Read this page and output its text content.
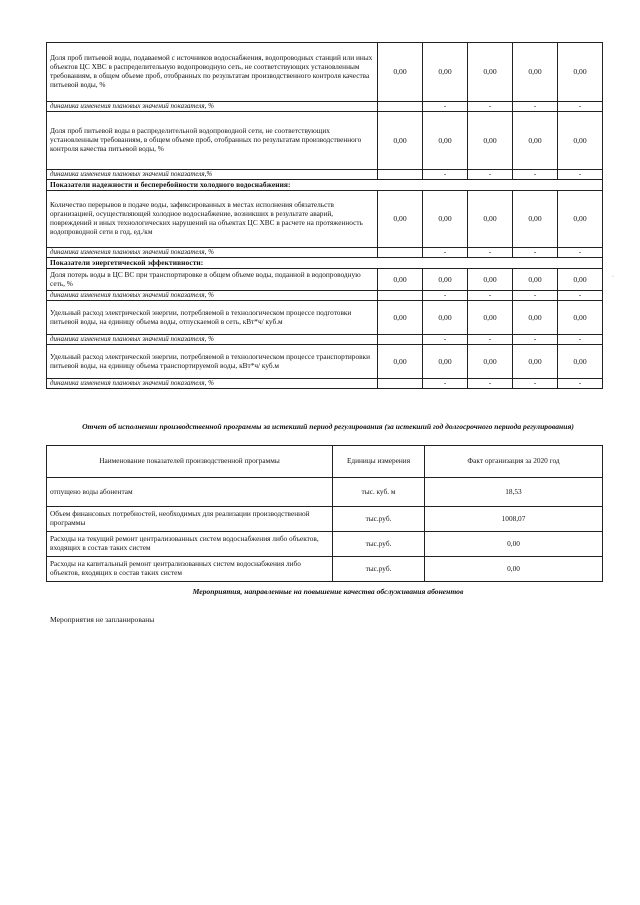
Доля проб питьевой воды, подаваемой с источников водоснабжения, водопроводных станций или иных объектов ЦС ХВС в распределительную водопроводную сеть, не соответствующих установленным требованиям, в общем объеме проб, отобранных по результатам производственного контроля качества питьевой воды, %	0,00	0,00	0,00	0,00	0,00
динамика изменения плановых значений показателя, %		-	-	-	-
Доля проб питьевой воды в распределительной водопроводной сети, не соответствующих установленным требованиям, в общем объеме проб, отобранных по результатам производственного контроля качества питьевой воды, %	0,00	0,00	0,00	0,00	0,00
динамика изменения плановых значений показателя,%		-	-	-	-
Показатели надежности и бесперебойности холодного водоснабжения:					
Количество перерывов в подаче воды, зафиксированных в местах исполнения обязательств организацией, осуществляющей холодное водоснабжение, возникших в результате аварий, повреждений и иных технологических нарушений на объектах ЦС ХВС в расчете на протяженность водопроводной сети в год, ед./км	0,00	0,00	0,00	0,00	0,00
динамика изменения плановых значений показателя, %		-	-	-	-
Показатели энергетической эффективности:					
Доля потерь воды в ЦС ВС при транспортировке в общем объеме воды, поданной в водопроводную сеть, %	0,00	0,00	0,00	0,00	0,00
динамика изменения плановых значений показателя, %		-	-	-	-
Удельный расход электрической энергии, потребляемой в технологическом процессе подготовки питьевой воды, на единицу объема воды, отпускаемой в сеть, кВт*ч/ куб.м	0,00	0,00	0,00	0,00	0,00
динамика изменения плановых значений показателя, %		-	-	-	-
Удельный расход электрической энергии, потребляемой в технологическом процессе транспортировки питьевой воды, на единицу объема транспортируемой воды, кВт*ч/ куб.м	0,00	0,00	0,00	0,00	0,00
динамика изменения плановых значений показателя, %		-	-	-	-

Отчет об исполнении производственной программы за истекший период регулирования (за истекший год долгосрочного периода регулирования)

Наименование показателей производственной программы	Единицы измерения	Факт организация за 2020 год
отпущено воды абонентам	тыс. куб. м	18,53
Объем финансовых потребностей, необходимых для реализации производственной программы	тыс.руб.	1008,07
Расходы на текущий ремонт централизованных систем водоснабжения либо объектов, входящих в состав таких систем	тыс.руб.	0,00
Расходы на капитальный ремонт централизованных систем водоснабжения либо объектов, входящих в состав таких систем	тыс.руб.	0,00

Мероприятия, направленные на повышение качества обслуживания абонентов

Мероприятия не запланированы

·
